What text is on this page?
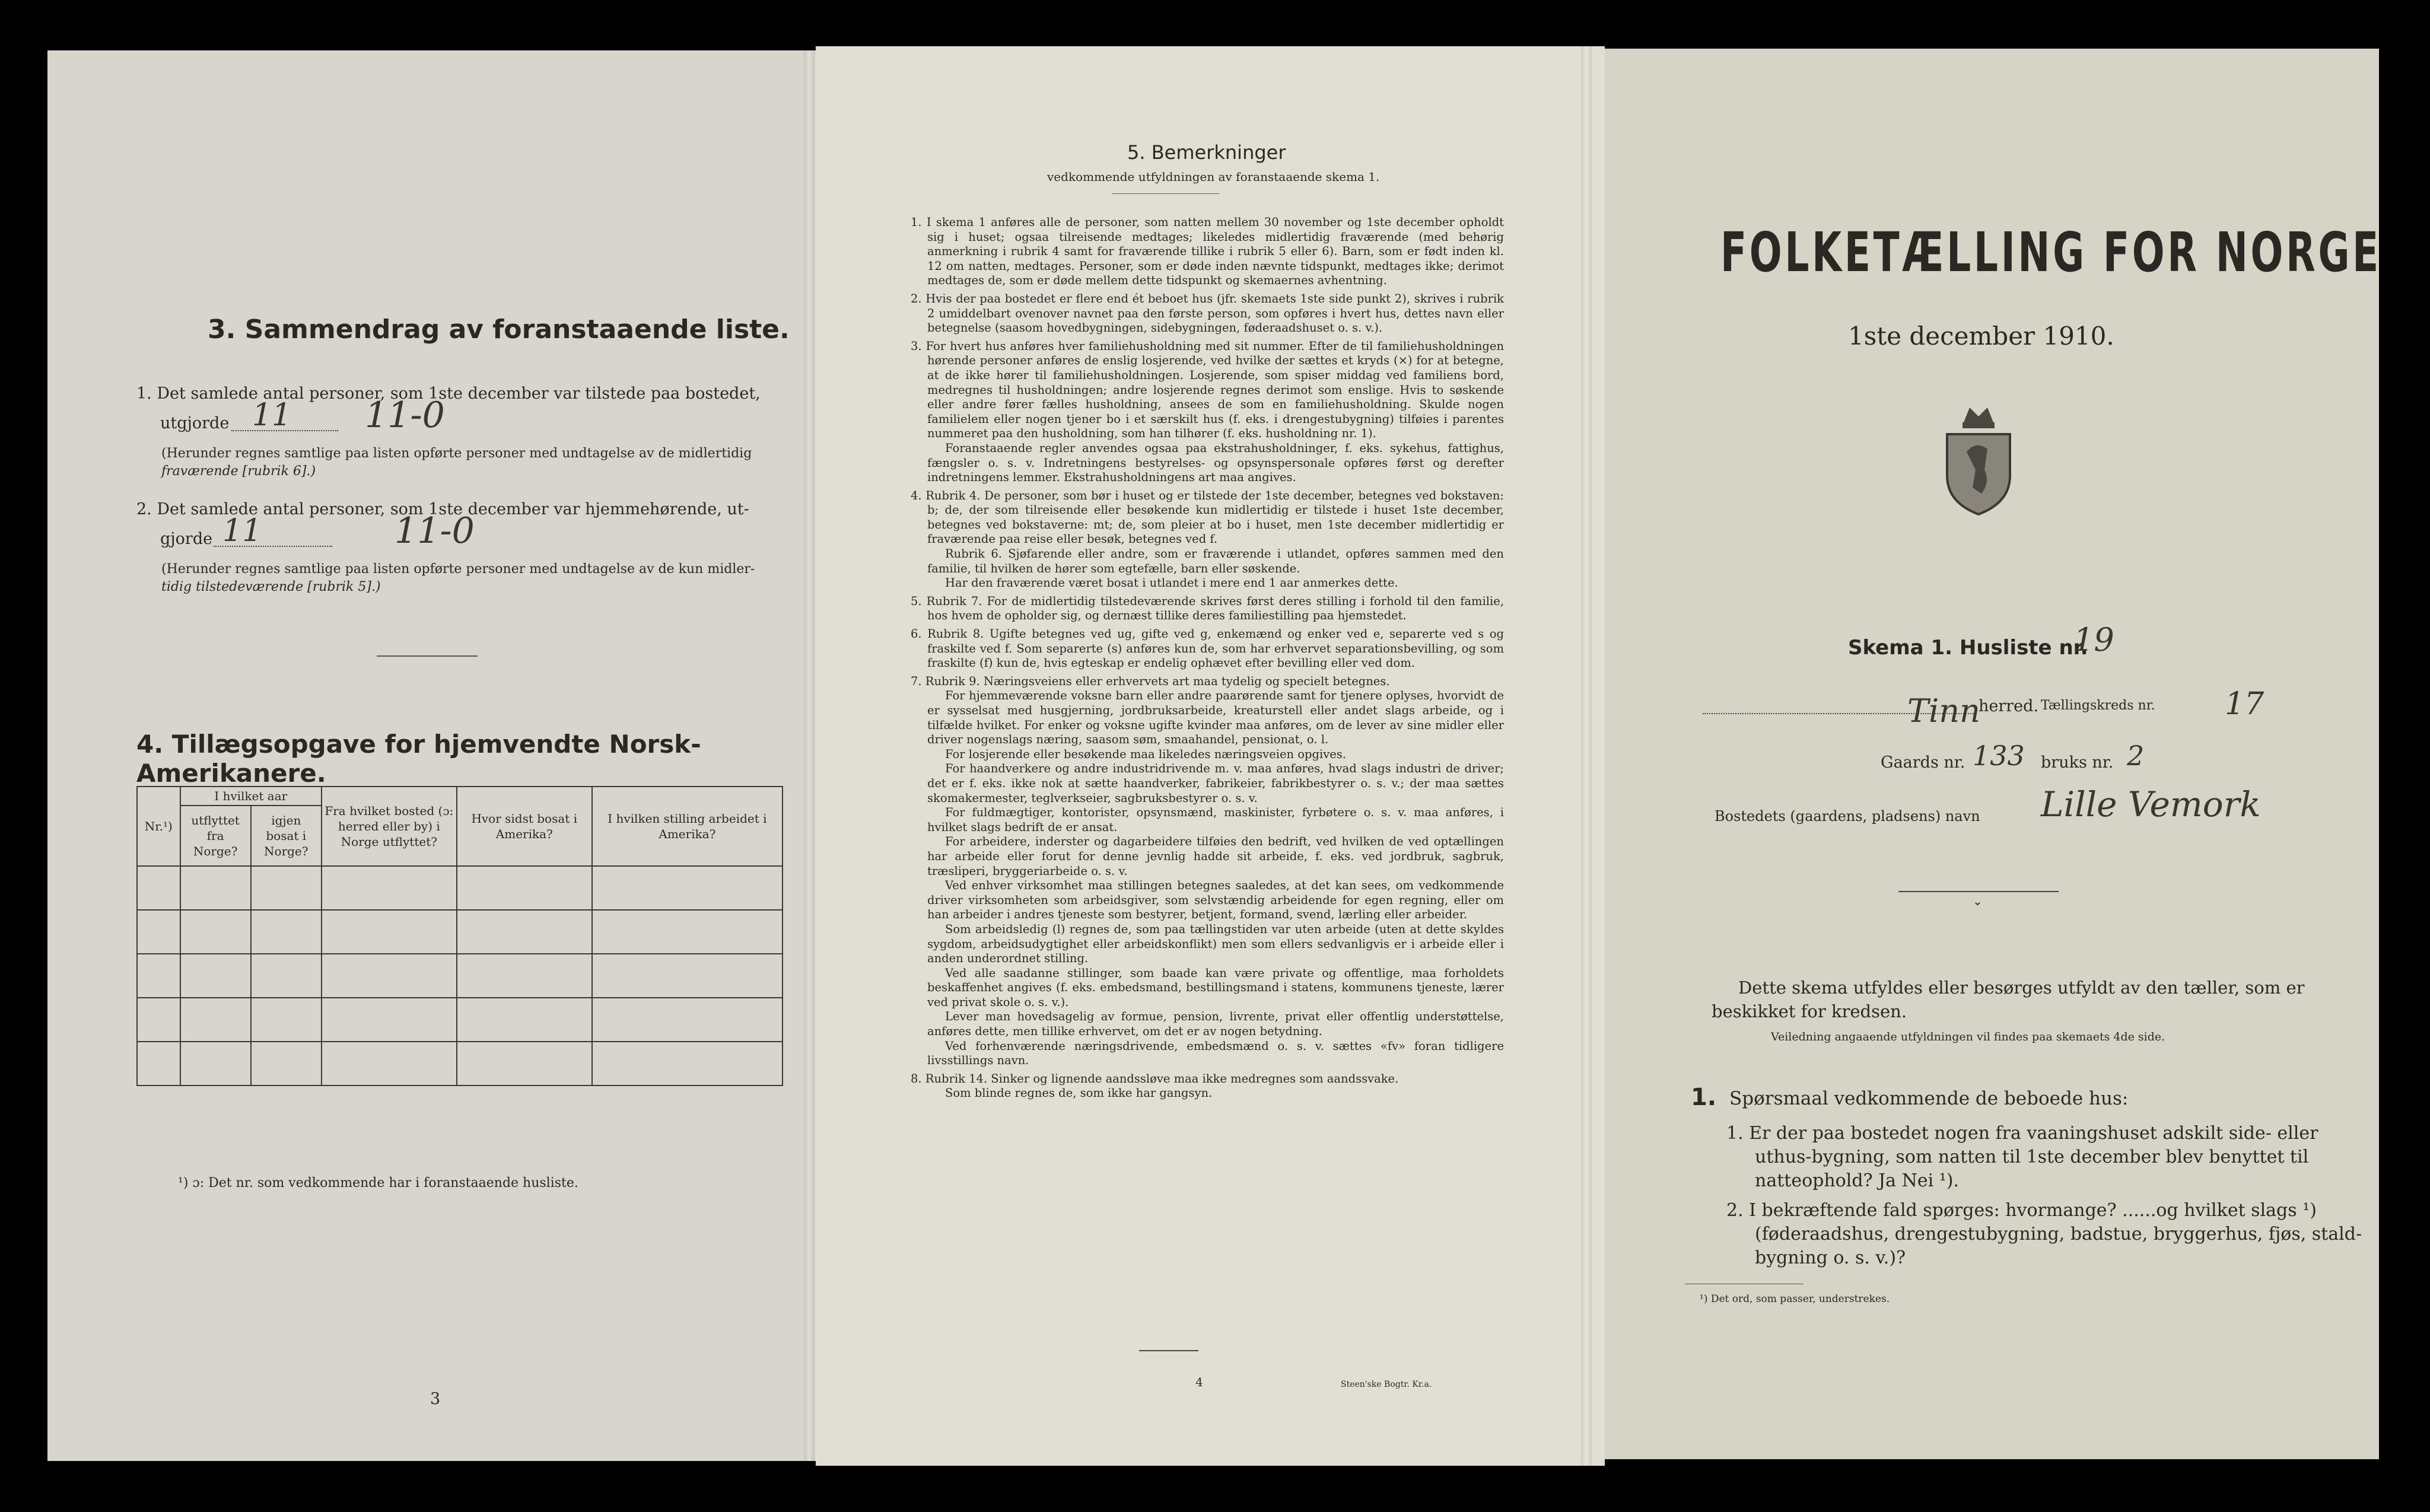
3. Sammendrag av foranstaaende liste.
1. Det samlede antal personer, som 1ste december var tilstede paa bostedet,
utgjorde 11 11-0
(Herunder regnes samtlige paa listen opførte personer med undtagelse av de midlertidig
fraværende [rubrik 6].)
2. Det samlede antal personer, som 1ste december var hjemmehørende, ut-
gjorde 11	11-0
(Herunder regnes samtlige paa listen opførte personer med undtagelse av de kun midler-
tidig tilstedeværende [rubrik 5].)
4. Tillægsopgave for hjemvendte Norsk-Amerikanere.
Nr.¹)	I hvilket aar		Fra hvilket bosted (ɔ: herred eller by) i Norge utflyttet?	Hvor sidst bosat i Amerika?	I hvilken stilling arbeidet i Amerika?
	utflyttet fra Norge?	igjen bosat i Norge?			

¹) ɔ: Det nr. som vedkommende har i foranstaaende husliste.
3
5. Bemerkninger
vedkommende utfyldningen av foranstaaende skema 1.

1. I skema 1 anføres alle de personer, som natten mellem 30 november og 1ste december opholdt sig i huset; ogsaa tilreisende medtages; likeledes midlertidig fraværende (med behørig anmerkning i rubrik 4 samt for fraværende tillike i rubrik 5 eller 6). Barn, som er født inden kl. 12 om natten, medtages. Personer, som er døde inden nævnte tidspunkt, medtages ikke; derimot medtages de, som er døde mellem dette tidspunkt og skemaernes avhentning.

2. Hvis der paa bostedet er flere end ét beboet hus (jfr. skemaets 1ste side punkt 2), skrives i rubrik 2 umiddelbart ovenover navnet paa den første person, som opføres i hvert hus, dettes navn eller betegnelse (saasom hovedbygningen, sidebygningen, føderaadshuset o. s. v.).

3. For hvert hus anføres hver familiehusholdning med sit nummer. Efter de til familiehusholdningen hørende personer anføres de enslig losjerende, ved hvilke der sættes et kryds (×) for at betegne, at de ikke hører til familiehusholdningen. Losjerende, som spiser middag ved familiens bord, medregnes til husholdningen; andre losjerende regnes derimot som enslige. Hvis to søskende eller andre fører fælles husholdning, ansees de som en familiehusholdning. Skulde nogen familielem eller nogen tjener bo i et særskilt hus (f. eks. i drengestubygning) tilføies i parentes nummeret paa den husholdning, som han tilhører (f. eks. husholdning nr. 1).

Foranstaaende regler anvendes ogsaa paa ekstrahusholdninger, f. eks. sykehus, fattighus, fængsler o. s. v. Indretningens bestyrelses- og opsynspersonale opføres først og derefter indretningens lemmer. Ekstrahusholdningens art maa angives.

4. Rubrik 4. De personer, som bør i huset og er tilstede der 1ste december, betegnes ved bokstaven: b; de, der som tilreisende eller besøkende kun midlertidig er tilstede i huset 1ste december, betegnes ved bokstaverne: mt; de, som pleier at bo i huset, men 1ste december midlertidig er fraværende paa reise eller besøk, betegnes ved f.

Rubrik 6. Sjøfarende eller andre, som er fraværende i utlandet, opføres sammen med den familie, til hvilken de hører som egtefælle, barn eller søskende.

Har den fraværende været bosat i utlandet i mere end 1 aar anmerkes dette.

5. Rubrik 7. For de midlertidig tilstedeværende skrives først deres stilling i forhold til den familie, hos hvem de opholder sig, og dernæst tillike deres familiestilling paa hjemstedet.

6. Rubrik 8. Ugifte betegnes ved ug, gifte ved g, enkemænd og enker ved e, separerte ved s og fraskilte ved f. Som separerte (s) anføres kun de, som har erhvervet separationsbevilling, og som fraskilte (f) kun de, hvis egteskap er endelig ophævet efter bevilling eller ved dom.

7. Rubrik 9. Næringsveiens eller erhvervets art maa tydelig og specielt betegnes.

For hjemmeværende voksne barn eller andre paarørende samt for tjenere oplyses, hvorvidt de er sysselsat med husgjerning, jordbruksarbeide, kreaturstell eller andet slags arbeide, og i tilfælde hvilket. For enker og voksne ugifte kvinder maa anføres, om de lever av sine midler eller driver nogenslags næring, saasom søm, smaahandel, pensionat, o. l.

For losjerende eller besøkende maa likeledes næringsveien opgives.

For haandverkere og andre industridrivende m. v. maa anføres, hvad slags industri de driver; det er f. eks. ikke nok at sætte haandverker, fabrikeier, fabrikbestyrer o. s. v.; der maa sættes skomakermester, teglverkseier, sagbruksbestyrer o. s. v.

For fuldmægtiger, kontorister, opsynsmænd, maskinister, fyrbøtere o. s. v. maa anføres, i hvilket slags bedrift de er ansat.

For arbeidere, inderster og dagarbeidere tilføies den bedrift, ved hvilken de ved optællingen har arbeide eller forut for denne jevnlig hadde sit arbeide, f. eks. ved jordbruk, sagbruk, træsliperi, bryggeriarbeide o. s. v.

Ved enhver virksomhet maa stillingen betegnes saaledes, at det kan sees, om vedkommende driver virksomheten som arbeidsgiver, som selvstændig arbeidende for egen regning, eller om han arbeider i andres tjeneste som bestyrer, betjent, formand, svend, lærling eller arbeider.

Som arbeidsledig (l) regnes de, som paa tællingstiden var uten arbeide (uten at dette skyldes sygdom, arbeidsudygtighet eller arbeidskonflikt) men som ellers sedvanligvis er i arbeide eller i anden underordnet stilling.

Ved alle saadanne stillinger, som baade kan være private og offentlige, maa forholdets beskaffenhet angives (f. eks. embedsmand, bestillingsmand i statens, kommunens tjeneste, lærer ved privat skole o. s. v.).

Lever man hovedsagelig av formue, pension, livrente, privat eller offentlig understøttelse, anføres dette, men tillike erhvervet, om det er av nogen betydning.

Ved forhenværende næringsdrivende, embedsmænd o. s. v. sættes «fv» foran tidligere livsstillings navn.

8. Rubrik 14. Sinker og lignende aandssløve maa ikke medregnes som aandssvake.

Som blinde regnes de, som ikke har gangsyn.

4	Steen'ske Bogtr. Kr.a.
FOLKETÆLLING FOR NORGE
1ste december 1910.
Skema 1. Husliste nr.
19
Tinn
herred. Tællingskreds nr. 17
Gaards nr. 133 bruks nr. 2
Bostedets (gaardens, pladsens) navn Lille Vemork
⌄
Dette skema utfyldes eller besørges utfyldt av den tæller, som er
beskikket for kredsen.
Veiledning angaaende utfyldningen vil findes paa skemaets 4de side.
1. Spørsmaal vedkommende de beboede hus:
1. Er der paa bostedet nogen fra vaaningshuset adskilt side- eller
uthus-bygning, som natten til 1ste december blev benyttet til
natteophold? Ja Nei ¹).
2. I bekræftende fald spørges: hvormange? ......og hvilket slags ¹)
(føderaadshus, drengestubygning, badstue, bryggerhus, fjøs, stald-
bygning o. s. v.)?
¹) Det ord, som passer, understrekes.
